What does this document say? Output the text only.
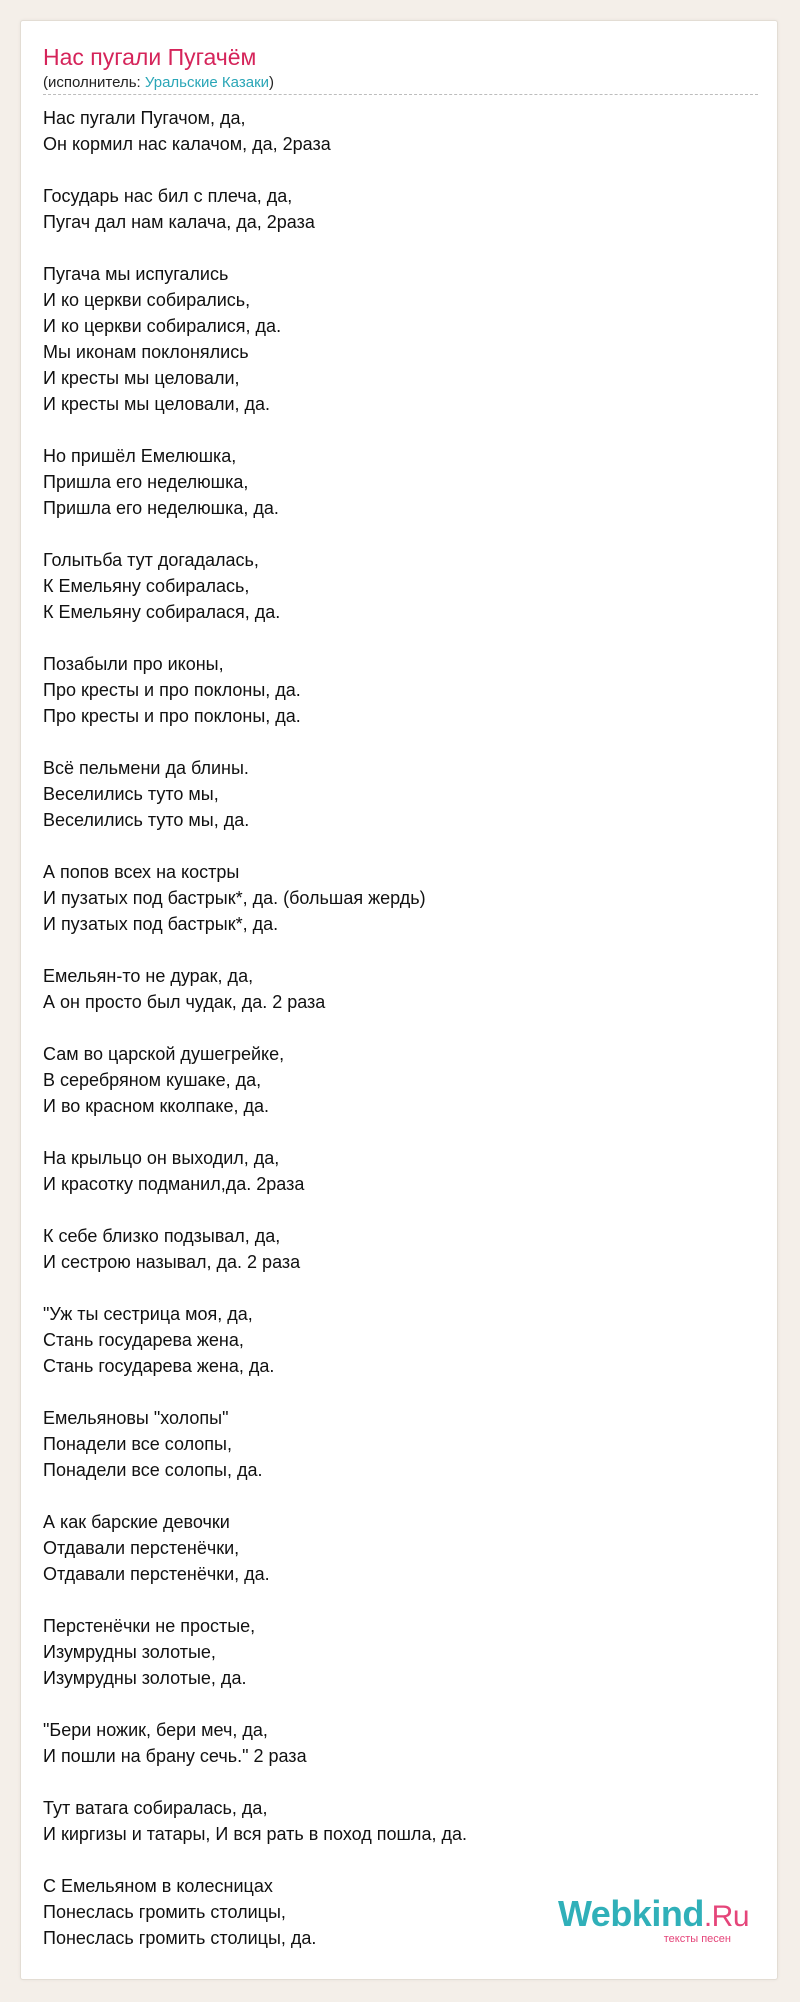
Нас пугали Пугачём
(исполнитель: Уральские Казаки)
Нас пугали Пугачом, да,
Он кормил нас калачом, да, 2раза
Государь нас бил с плеча, да,
Пугач дал нам калача, да, 2раза
Пугача мы испугались
И ко церкви собирались,
И ко церкви собиралися, да.
Мы иконам поклонялись
И кресты мы целовали,
И кресты мы целовали, да.
Но пришёл Емелюшка,
Пришла его неделюшка,
Пришла его неделюшка, да.
Голытьба тут догадалась,
К Емельяну собиралась,
К Емельяну собиралася, да.
Позабыли про иконы,
Про кресты и про поклоны, да.
Про кресты и про поклоны, да.
Всё пельмени да блины.
Веселились туто мы,
Веселились туто мы, да.
А попов всех на костры
И пузатых под бастрык*, да. (большая жердь)
И пузатых под бастрык*, да.
Емельян-то не дурак, да,
А он просто был чудак, да. 2 раза
Сам во царской душегрейке,
В серебряном кушаке, да,
И во красном кколпаке, да.
На крыльцо он выходил, да,
И красотку подманил,да. 2раза
К себе близко подзывал, да,
И сестрою называл, да. 2 раза
"Уж ты сестрица моя, да,
Стань государева жена,
Стань государева жена, да.
Емельяновы "холопы"
Понадели все солопы,
Понадели все солопы, да.
А как барские девочки
Отдавали перстенёчки,
Отдавали перстенёчки, да.
Перстенёчки не простые,
Изумрудны золотые,
Изумрудны золотые, да.
"Бери ножик, бери меч, да,
И пошли на брану сечь." 2 раза
Тут ватага собиралась, да,
И киргизы и татары, И вся рать в поход пошла, да.
С Емельяном в колесницах
Понеслась громить столицы,
Понеслась громить столицы, да.
Webkind.Ru
тексты песен
